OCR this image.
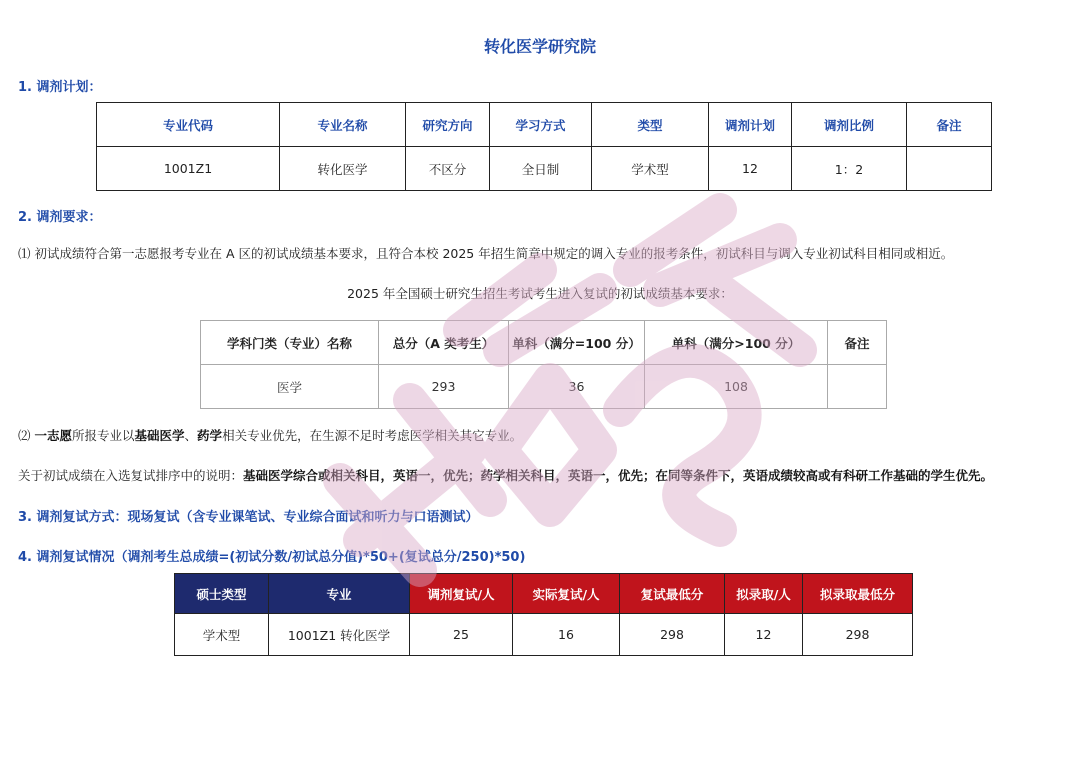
转化医学研究院
1. 调剂计划：
专业代码	专业名称	研究方向	学习方式	类型	调剂计划	调剂比例	备注
1001Z1	转化医学	不区分	全日制	学术型	12	1：2	
2. 调剂要求：
⑴ 初试成绩符合第一志愿报考专业在 A 区的初试成绩基本要求，且符合本校 2025 年招生简章中规定的调入专业的报考条件，初试科目与调入专业初试科目相同或相近。
2025 年全国硕士研究生招生考试考生进入复试的初试成绩基本要求：
学科门类（专业）名称	总分（A 类考生）	单科（满分=100 分）	单科（满分>100 分）	备注
医学	293	36	108	
⑵ 一志愿所报专业以基础医学、药学相关专业优先，在生源不足时考虑医学相关其它专业。
关于初试成绩在入选复试排序中的说明：基础医学综合或相关科目，英语一，优先；药学相关科目，英语一，优先；在同等条件下，英语成绩较高或有科研工作基础的学生优先。
3. 调剂复试方式：现场复试（含专业课笔试、专业综合面试和听力与口语测试）
4. 调剂复试情况（调剂考生总成绩=(初试分数/初试总分值)*50+(复试总分/250)*50)
硕士类型	专业	调剂复试/人	实际复试/人	复试最低分	拟录取/人	拟录取最低分
学术型	1001Z1 转化医学	25	16	298	12	298
